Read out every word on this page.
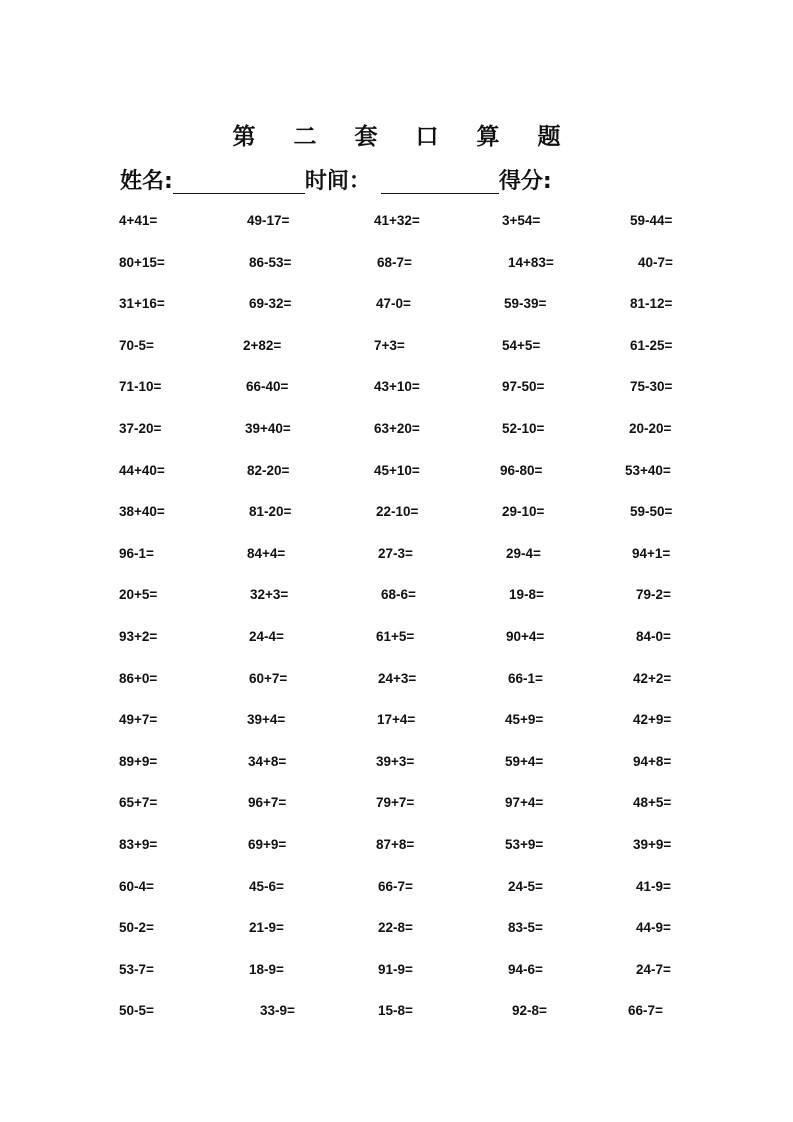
第 二 套 口 算 题
姓名:	时间：	得分:
4+41=	49-17=	41+32=	3+54=	59-44=
80+15=	86-53=	68-7=	14+83=	40-7=
31+16=	69-32=	47-0=	59-39=	81-12=
70-5=	2+82=	7+3=	54+5=	61-25=
71-10=	66-40=	43+10=	97-50=	75-30=
37-20=	39+40=	63+20=	52-10=	20-20=
44+40=	82-20=	45+10=	96-80=	53+40=
38+40=	81-20=	22-10=	29-10=	59-50=
96-1=	84+4=	27-3=	29-4=	94+1=
20+5=	32+3=	68-6=	19-8=	79-2=
93+2=	24-4=	61+5=	90+4=	84-0=
86+0=	60+7=	24+3=	66-1=	42+2=
49+7=	39+4=	17+4=	45+9=	42+9=
89+9=	34+8=	39+3=	59+4=	94+8=
65+7=	96+7=	79+7=	97+4=	48+5=
83+9=	69+9=	87+8=	53+9=	39+9=
60-4=	45-6=	66-7=	24-5=	41-9=
50-2=	21-9=	22-8=	83-5=	44-9=
53-7=	18-9=	91-9=	94-6=	24-7=
50-5=	33-9=	15-8=	92-8=	66-7=
